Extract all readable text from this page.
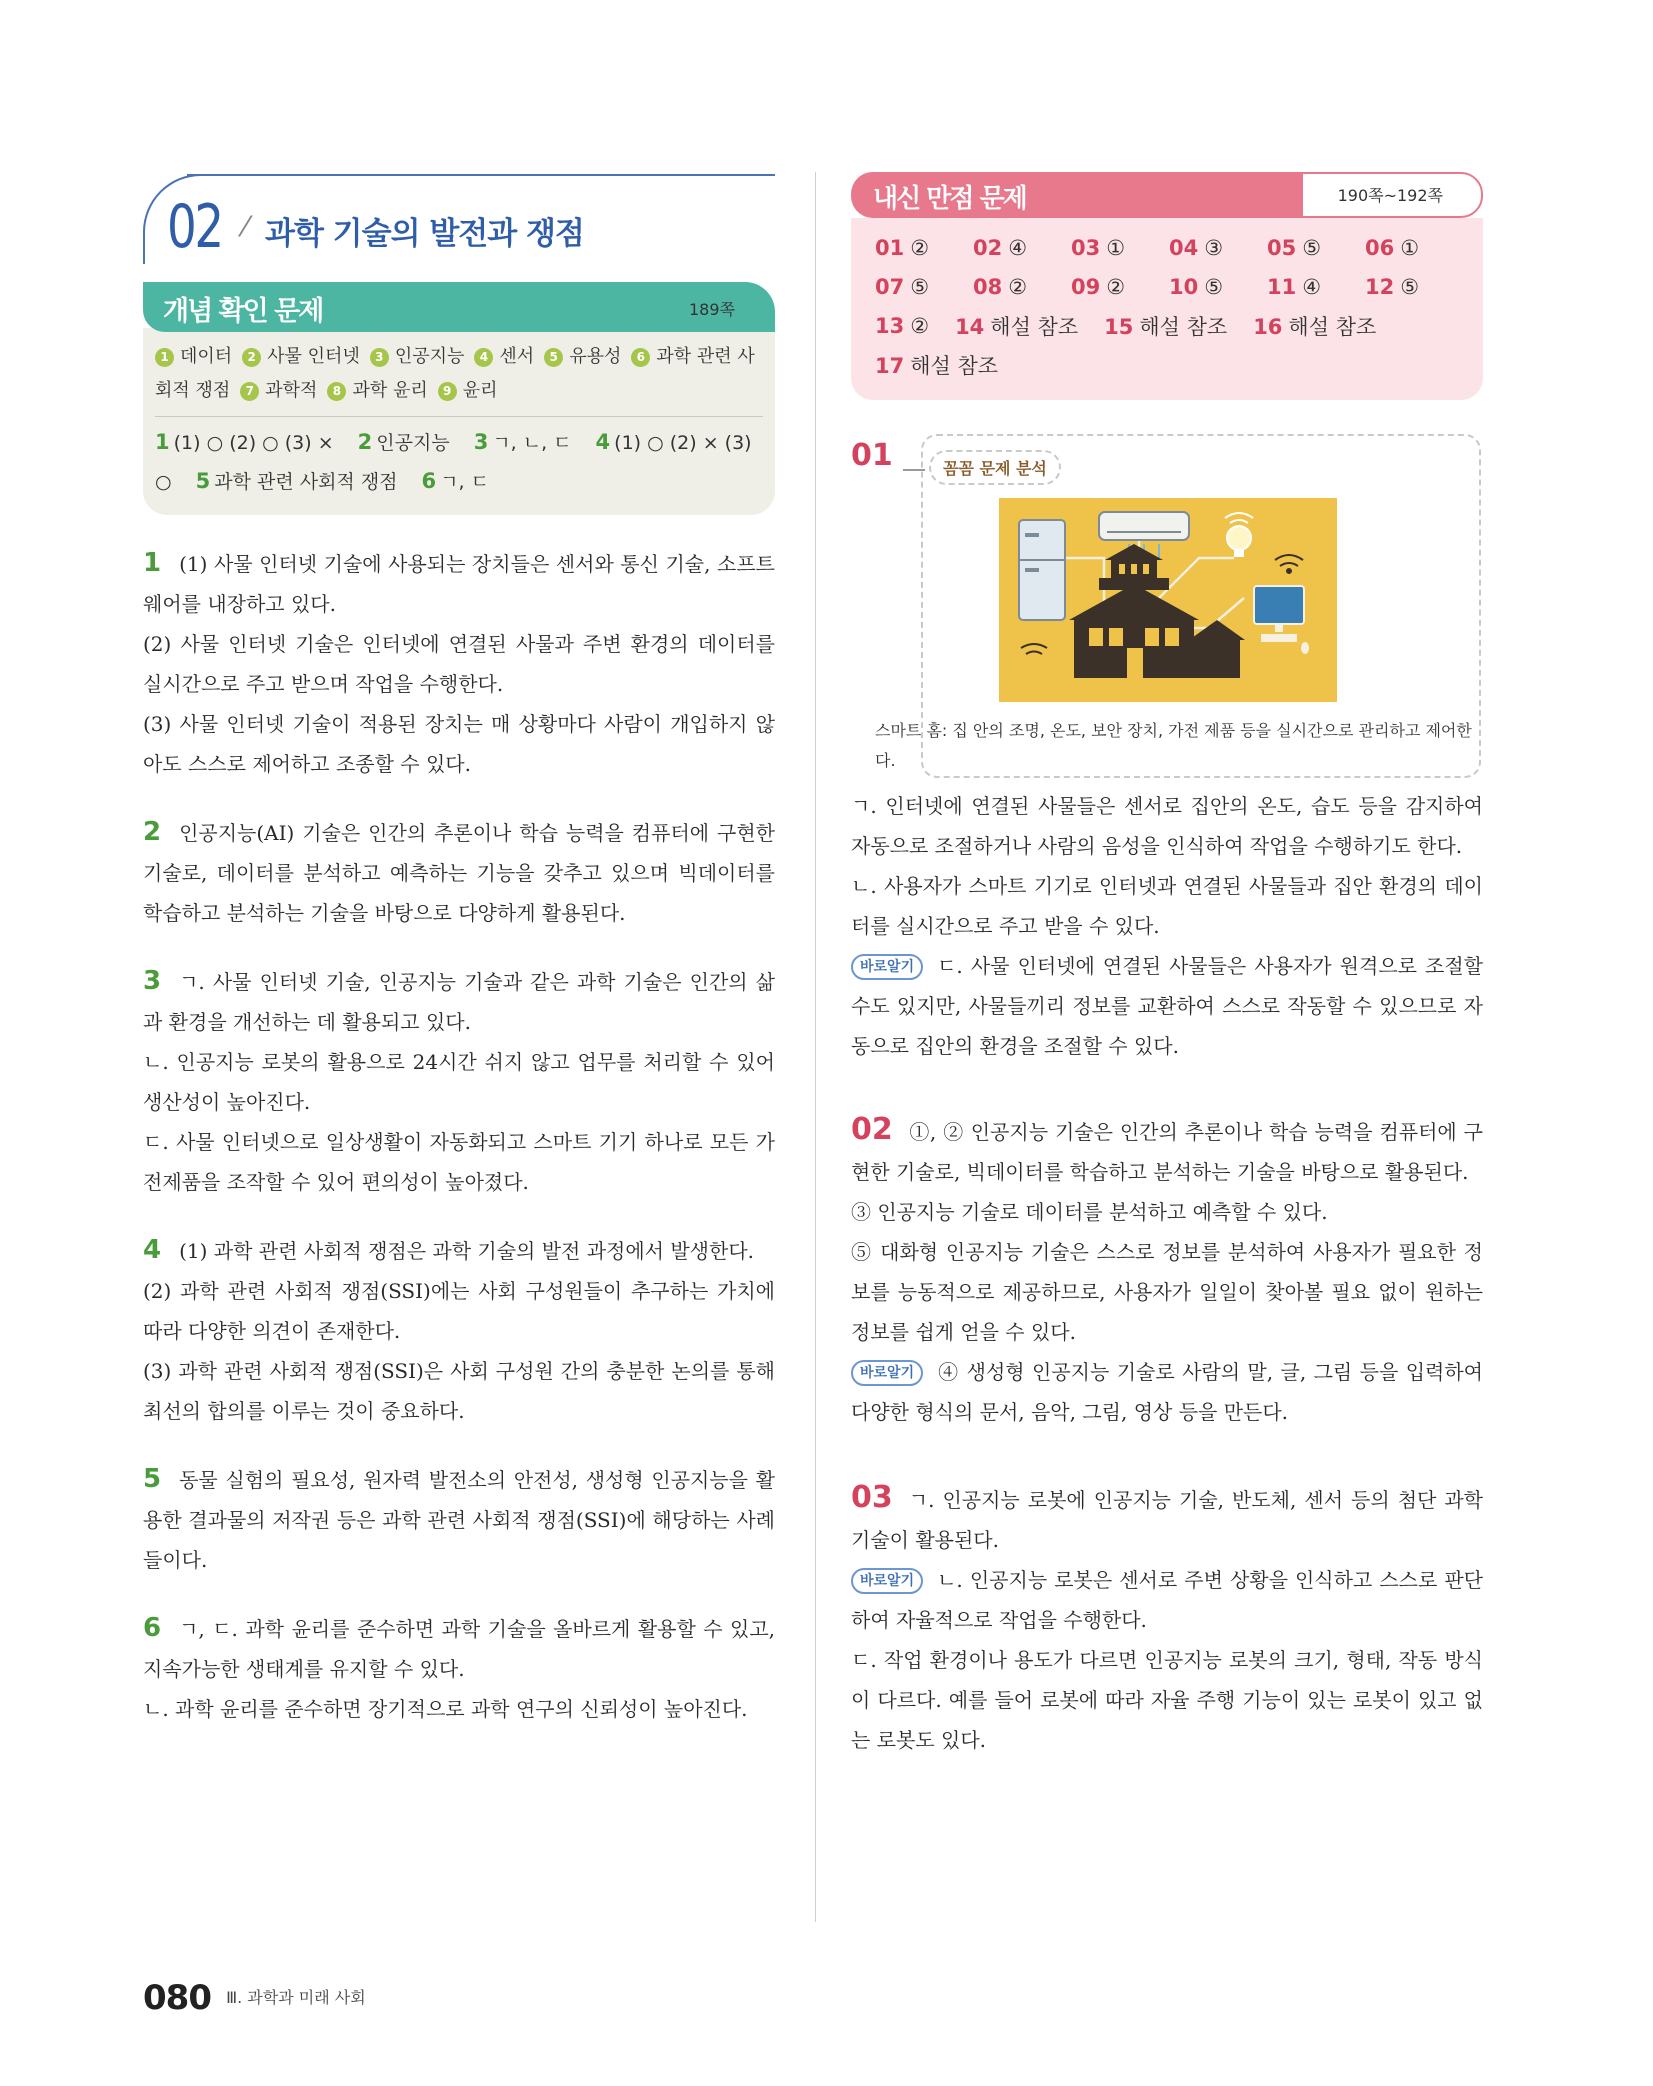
02 ⁄ 과학 기술의 발전과 쟁점
개념 확인 문제	189쪽
1 데이터 2 사물 인터넷 3 인공지능 4 센서 5 유용성 6 과학 관련 사회적 쟁점 7 과학적 8 과학 윤리 9 윤리
1 (1) ○ (2) ○ (3) × 2 인공지능 3 ㄱ, ㄴ, ㄷ 4 (1) ○ (2) × (3) ○ 5 과학 관련 사회적 쟁점 6 ㄱ, ㄷ

1 (1) 사물 인터넷 기술에 사용되는 장치들은 센서와 통신 기술, 소프트웨어를 내장하고 있다.

(2) 사물 인터넷 기술은 인터넷에 연결된 사물과 주변 환경의 데이터를 실시간으로 주고 받으며 작업을 수행한다.

(3) 사물 인터넷 기술이 적용된 장치는 매 상황마다 사람이 개입하지 않아도 스스로 제어하고 조종할 수 있다.

2 인공지능(AI) 기술은 인간의 추론이나 학습 능력을 컴퓨터에 구현한 기술로, 데이터를 분석하고 예측하는 기능을 갖추고 있으며 빅데이터를 학습하고 분석하는 기술을 바탕으로 다양하게 활용된다.

3 ㄱ. 사물 인터넷 기술, 인공지능 기술과 같은 과학 기술은 인간의 삶과 환경을 개선하는 데 활용되고 있다.

ㄴ. 인공지능 로봇의 활용으로 24시간 쉬지 않고 업무를 처리할 수 있어 생산성이 높아진다.

ㄷ. 사물 인터넷으로 일상생활이 자동화되고 스마트 기기 하나로 모든 가전제품을 조작할 수 있어 편의성이 높아졌다.

4 (1) 과학 관련 사회적 쟁점은 과학 기술의 발전 과정에서 발생한다.

(2) 과학 관련 사회적 쟁점(SSI)에는 사회 구성원들이 추구하는 가치에 따라 다양한 의견이 존재한다.

(3) 과학 관련 사회적 쟁점(SSI)은 사회 구성원 간의 충분한 논의를 통해 최선의 합의를 이루는 것이 중요하다.

5 동물 실험의 필요성, 원자력 발전소의 안전성, 생성형 인공지능을 활용한 결과물의 저작권 등은 과학 관련 사회적 쟁점(SSI)에 해당하는 사례들이다.

6 ㄱ, ㄷ. 과학 윤리를 준수하면 과학 기술을 올바르게 활용할 수 있고, 지속가능한 생태계를 유지할 수 있다.

ㄴ. 과학 윤리를 준수하면 장기적으로 과학 연구의 신뢰성이 높아진다.

내신 만점 문제	190쪽~192쪽
01 ②	02 ④	03 ①	04 ③	05 ⑤	06 ①
07 ⑤	08 ②	09 ②	10 ⑤	11 ④	12 ⑤
13 ② 14 해설 참조 15 해설 참조 16 해설 참조
17 해설 참조
01	꼼꼼 문제 분석
스마트 홈: 집 안의 조명, 온도, 보안 장치, 가전 제품 등을 실시간으로 관리하고 제어한다.

ㄱ. 인터넷에 연결된 사물들은 센서로 집안의 온도, 습도 등을 감지하여 자동으로 조절하거나 사람의 음성을 인식하여 작업을 수행하기도 한다.

ㄴ. 사용자가 스마트 기기로 인터넷과 연결된 사물들과 집안 환경의 데이터를 실시간으로 주고 받을 수 있다.

바로알기 ㄷ. 사물 인터넷에 연결된 사물들은 사용자가 원격으로 조절할 수도 있지만, 사물들끼리 정보를 교환하여 스스로 작동할 수 있으므로 자동으로 집안의 환경을 조절할 수 있다.

02 ①, ② 인공지능 기술은 인간의 추론이나 학습 능력을 컴퓨터에 구현한 기술로, 빅데이터를 학습하고 분석하는 기술을 바탕으로 활용된다.

③ 인공지능 기술로 데이터를 분석하고 예측할 수 있다.

⑤ 대화형 인공지능 기술은 스스로 정보를 분석하여 사용자가 필요한 정보를 능동적으로 제공하므로, 사용자가 일일이 찾아볼 필요 없이 원하는 정보를 쉽게 얻을 수 있다.

바로알기 ④ 생성형 인공지능 기술로 사람의 말, 글, 그림 등을 입력하여 다양한 형식의 문서, 음악, 그림, 영상 등을 만든다.

03 ㄱ. 인공지능 로봇에 인공지능 기술, 반도체, 센서 등의 첨단 과학 기술이 활용된다.

바로알기 ㄴ. 인공지능 로봇은 센서로 주변 상황을 인식하고 스스로 판단하여 자율적으로 작업을 수행한다.

ㄷ. 작업 환경이나 용도가 다르면 인공지능 로봇의 크기, 형태, 작동 방식이 다르다. 예를 들어 로봇에 따라 자율 주행 기능이 있는 로봇이 있고 없는 로봇도 있다.

080 Ⅲ. 과학과 미래 사회
